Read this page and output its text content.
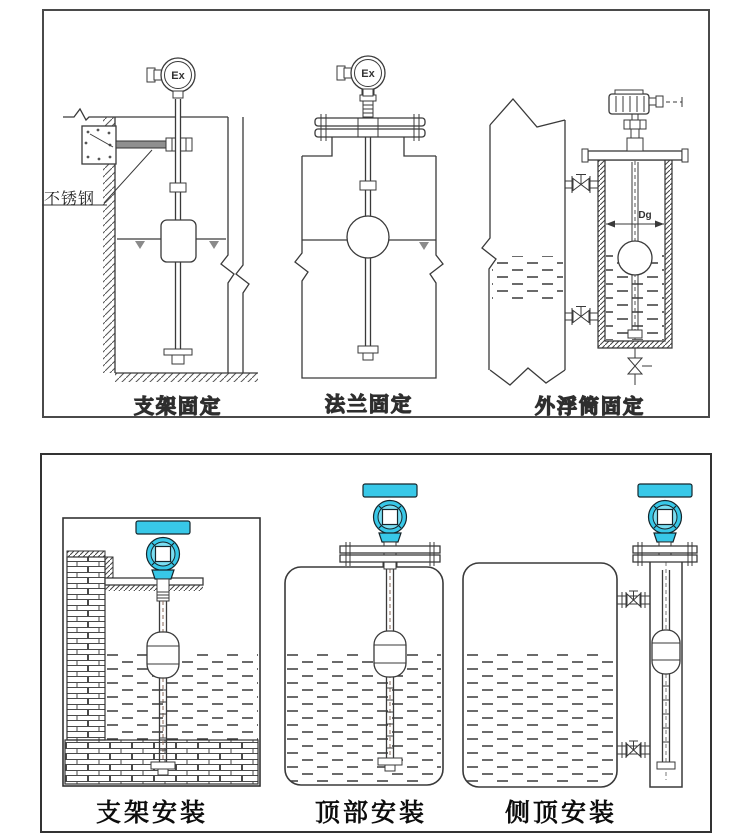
Ex	Ex
Dg
支架固定	法兰固定	外浮筒固定
不锈钢
支架安装	顶部安装	侧顶安装
